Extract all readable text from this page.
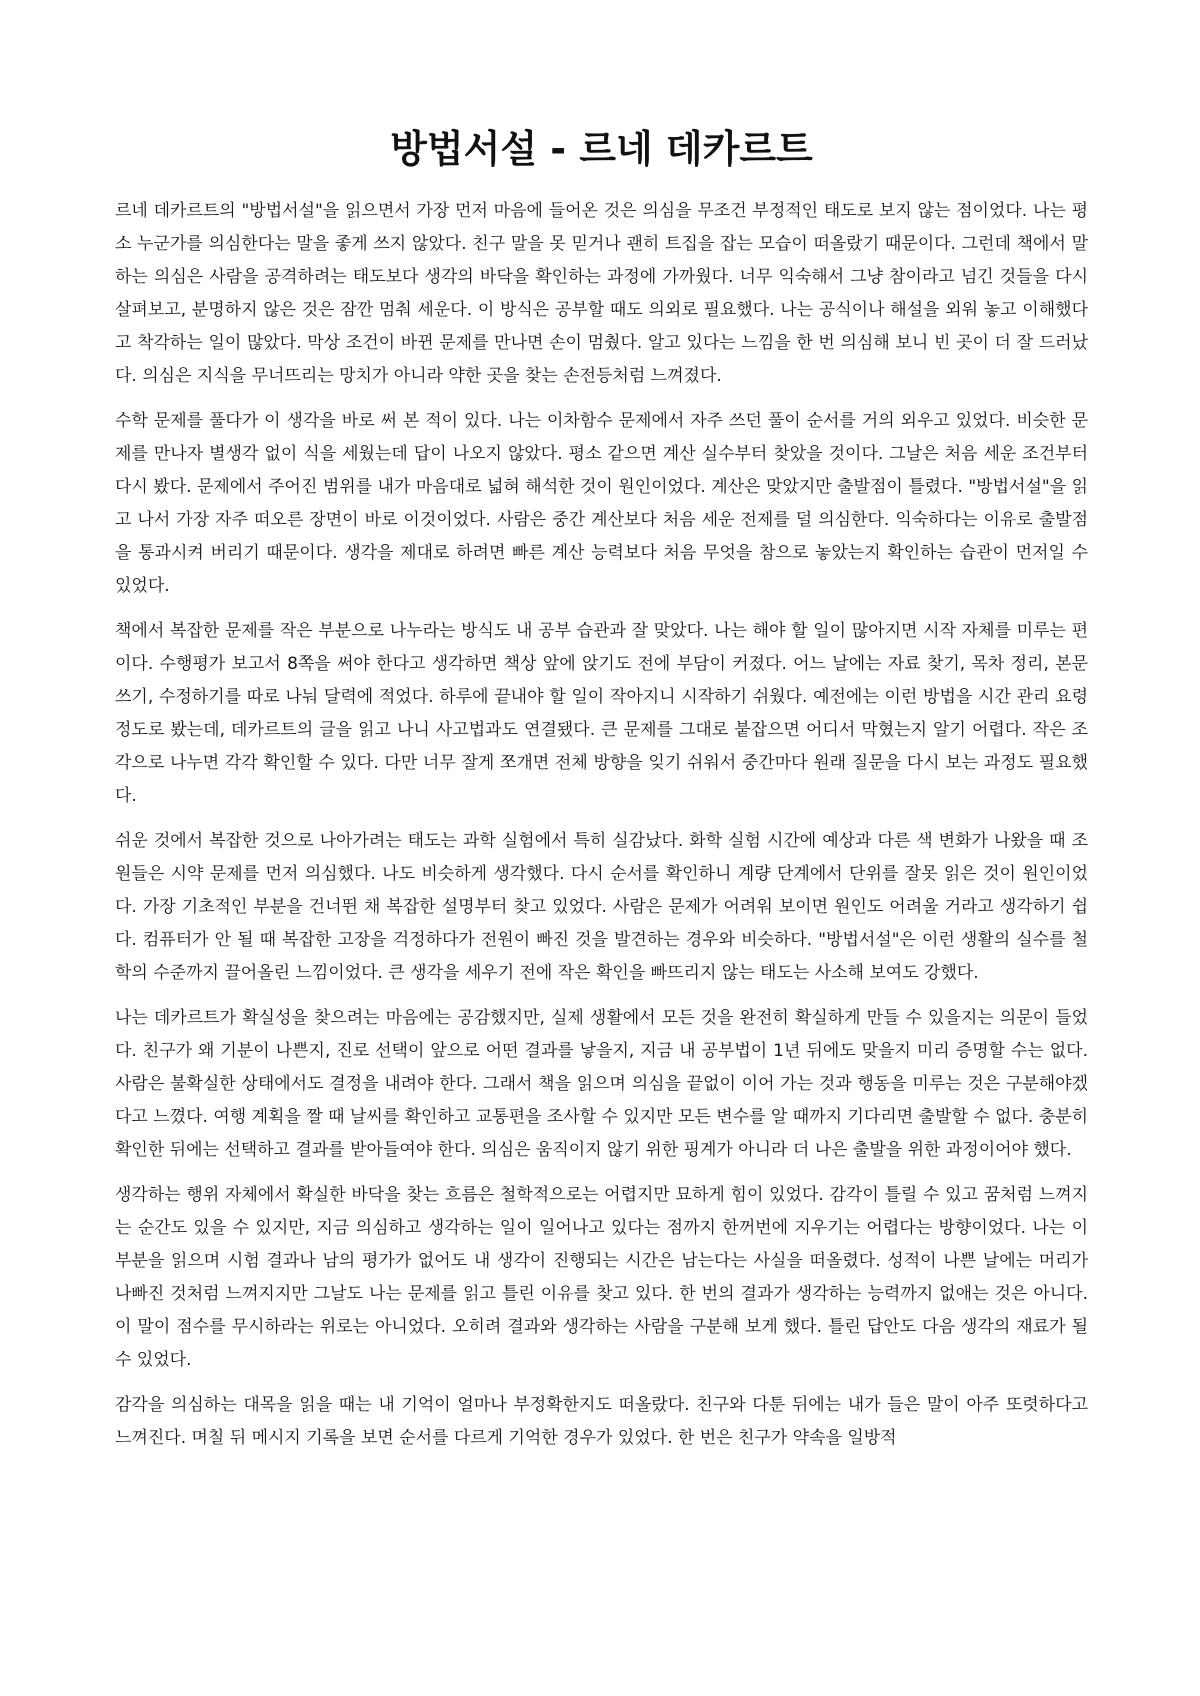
방법서설 - 르네 데카르트

르네 데카르트의 "방법서설"을 읽으면서 가장 먼저 마음에 들어온 것은 의심을 무조건 부정적인 태도로 보지 않는 점이었다. 나는 평소 누군가를 의심한다는 말을 좋게 쓰지 않았다. 친구 말을 못 믿거나 괜히 트집을 잡는 모습이 떠올랐기 때문이다. 그런데 책에서 말하는 의심은 사람을 공격하려는 태도보다 생각의 바닥을 확인하는 과정에 가까웠다. 너무 익숙해서 그냥 참이라고 넘긴 것들을 다시 살펴보고, 분명하지 않은 것은 잠깐 멈춰 세운다. 이 방식은 공부할 때도 의외로 필요했다. 나는 공식이나 해설을 외워 놓고 이해했다고 착각하는 일이 많았다. 막상 조건이 바뀐 문제를 만나면 손이 멈췄다. 알고 있다는 느낌을 한 번 의심해 보니 빈 곳이 더 잘 드러났다. 의심은 지식을 무너뜨리는 망치가 아니라 약한 곳을 찾는 손전등처럼 느껴졌다.

수학 문제를 풀다가 이 생각을 바로 써 본 적이 있다. 나는 이차함수 문제에서 자주 쓰던 풀이 순서를 거의 외우고 있었다. 비슷한 문제를 만나자 별생각 없이 식을 세웠는데 답이 나오지 않았다. 평소 같으면 계산 실수부터 찾았을 것이다. 그날은 처음 세운 조건부터 다시 봤다. 문제에서 주어진 범위를 내가 마음대로 넓혀 해석한 것이 원인이었다. 계산은 맞았지만 출발점이 틀렸다. "방법서설"을 읽고 나서 가장 자주 떠오른 장면이 바로 이것이었다. 사람은 중간 계산보다 처음 세운 전제를 덜 의심한다. 익숙하다는 이유로 출발점을 통과시켜 버리기 때문이다. 생각을 제대로 하려면 빠른 계산 능력보다 처음 무엇을 참으로 놓았는지 확인하는 습관이 먼저일 수 있었다.

책에서 복잡한 문제를 작은 부분으로 나누라는 방식도 내 공부 습관과 잘 맞았다. 나는 해야 할 일이 많아지면 시작 자체를 미루는 편이다. 수행평가 보고서 8쪽을 써야 한다고 생각하면 책상 앞에 앉기도 전에 부담이 커졌다. 어느 날에는 자료 찾기, 목차 정리, 본문 쓰기, 수정하기를 따로 나눠 달력에 적었다. 하루에 끝내야 할 일이 작아지니 시작하기 쉬웠다. 예전에는 이런 방법을 시간 관리 요령 정도로 봤는데, 데카르트의 글을 읽고 나니 사고법과도 연결됐다. 큰 문제를 그대로 붙잡으면 어디서 막혔는지 알기 어렵다. 작은 조각으로 나누면 각각 확인할 수 있다. 다만 너무 잘게 쪼개면 전체 방향을 잊기 쉬워서 중간마다 원래 질문을 다시 보는 과정도 필요했다.

쉬운 것에서 복잡한 것으로 나아가려는 태도는 과학 실험에서 특히 실감났다. 화학 실험 시간에 예상과 다른 색 변화가 나왔을 때 조원들은 시약 문제를 먼저 의심했다. 나도 비슷하게 생각했다. 다시 순서를 확인하니 계량 단계에서 단위를 잘못 읽은 것이 원인이었다. 가장 기초적인 부분을 건너뛴 채 복잡한 설명부터 찾고 있었다. 사람은 문제가 어려워 보이면 원인도 어려울 거라고 생각하기 쉽다. 컴퓨터가 안 될 때 복잡한 고장을 걱정하다가 전원이 빠진 것을 발견하는 경우와 비슷하다. "방법서설"은 이런 생활의 실수를 철학의 수준까지 끌어올린 느낌이었다. 큰 생각을 세우기 전에 작은 확인을 빠뜨리지 않는 태도는 사소해 보여도 강했다.

나는 데카르트가 확실성을 찾으려는 마음에는 공감했지만, 실제 생활에서 모든 것을 완전히 확실하게 만들 수 있을지는 의문이 들었다. 친구가 왜 기분이 나쁜지, 진로 선택이 앞으로 어떤 결과를 낳을지, 지금 내 공부법이 1년 뒤에도 맞을지 미리 증명할 수는 없다. 사람은 불확실한 상태에서도 결정을 내려야 한다. 그래서 책을 읽으며 의심을 끝없이 이어 가는 것과 행동을 미루는 것은 구분해야겠다고 느꼈다. 여행 계획을 짤 때 날씨를 확인하고 교통편을 조사할 수 있지만 모든 변수를 알 때까지 기다리면 출발할 수 없다. 충분히 확인한 뒤에는 선택하고 결과를 받아들여야 한다. 의심은 움직이지 않기 위한 핑계가 아니라 더 나은 출발을 위한 과정이어야 했다.

생각하는 행위 자체에서 확실한 바닥을 찾는 흐름은 철학적으로는 어렵지만 묘하게 힘이 있었다. 감각이 틀릴 수 있고 꿈처럼 느껴지는 순간도 있을 수 있지만, 지금 의심하고 생각하는 일이 일어나고 있다는 점까지 한꺼번에 지우기는 어렵다는 방향이었다. 나는 이 부분을 읽으며 시험 결과나 남의 평가가 없어도 내 생각이 진행되는 시간은 남는다는 사실을 떠올렸다. 성적이 나쁜 날에는 머리가 나빠진 것처럼 느껴지지만 그날도 나는 문제를 읽고 틀린 이유를 찾고 있다. 한 번의 결과가 생각하는 능력까지 없애는 것은 아니다. 이 말이 점수를 무시하라는 위로는 아니었다. 오히려 결과와 생각하는 사람을 구분해 보게 했다. 틀린 답안도 다음 생각의 재료가 될 수 있었다.

감각을 의심하는 대목을 읽을 때는 내 기억이 얼마나 부정확한지도 떠올랐다. 친구와 다툰 뒤에는 내가 들은 말이 아주 또렷하다고 느껴진다. 며칠 뒤 메시지 기록을 보면 순서를 다르게 기억한 경우가 있었다. 한 번은 친구가 약속을 일방적
